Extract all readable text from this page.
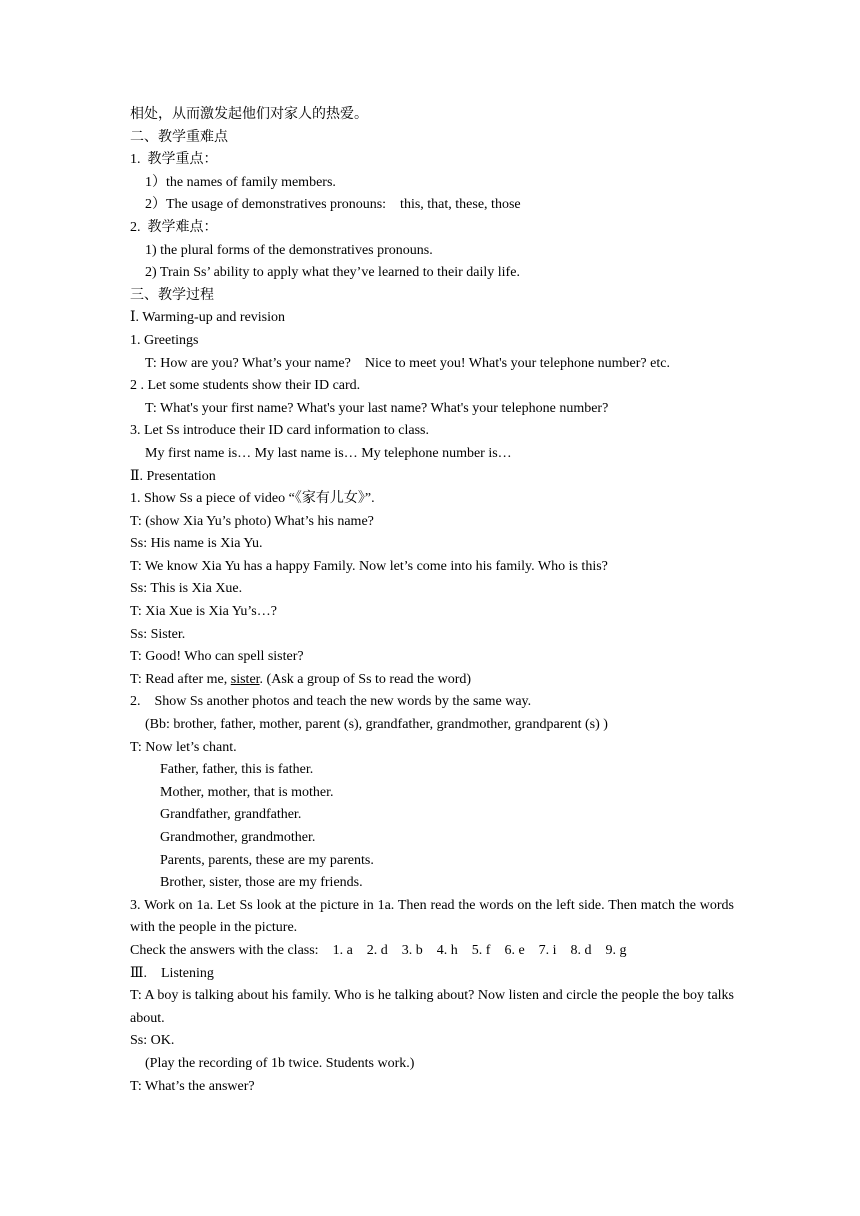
相处，从而激发起他们对家人的热爱。
二、教学重难点
1.  教学重点：
1）the names of family members.
2）The usage of demonstratives pronouns:    this, that, these, those
2.  教学难点：
1) the plural forms of the demonstratives pronouns.
2) Train Ss’ ability to apply what they’ve learned to their daily life.
三、教学过程
Ⅰ. Warming-up and revision
1. Greetings
T: How are you? What’s your name?    Nice to meet you! What's your telephone number? etc.
2 . Let some students show their ID card.
T: What's your first name? What's your last name? What's your telephone number?
3. Let Ss introduce their ID card information to class.
My first name is… My last name is… My telephone number is…
Ⅱ. Presentation
1. Show Ss a piece of video “《家有儿女》”.
T: (show Xia Yu’s photo) What’s his name?
Ss: His name is Xia Yu.
T: We know Xia Yu has a happy Family. Now let’s come into his family. Who is this?
Ss: This is Xia Xue.
T: Xia Xue is Xia Yu’s…?
Ss: Sister.
T: Good! Who can spell sister?
T: Read after me, sister. (Ask a group of Ss to read the word)
2.    Show Ss another photos and teach the new words by the same way.
(Bb: brother, father, mother, parent (s), grandfather, grandmother, grandparent (s) )
T: Now let’s chant.
Father, father, this is father.
Mother, mother, that is mother.
Grandfather, grandfather.
Grandmother, grandmother.
Parents, parents, these are my parents.
Brother, sister, those are my friends.
3. Work on 1a. Let Ss look at the picture in 1a. Then read the words on the left side. Then match the words with the people in the picture.
Check the answers with the class:    1. a    2. d    3. b    4. h    5. f    6. e    7. i    8. d    9. g
Ⅲ.    Listening
T: A boy is talking about his family. Who is he talking about? Now listen and circle the people the boy talks about.
Ss: OK.
(Play the recording of 1b twice. Students work.)
T: What’s the answer?
